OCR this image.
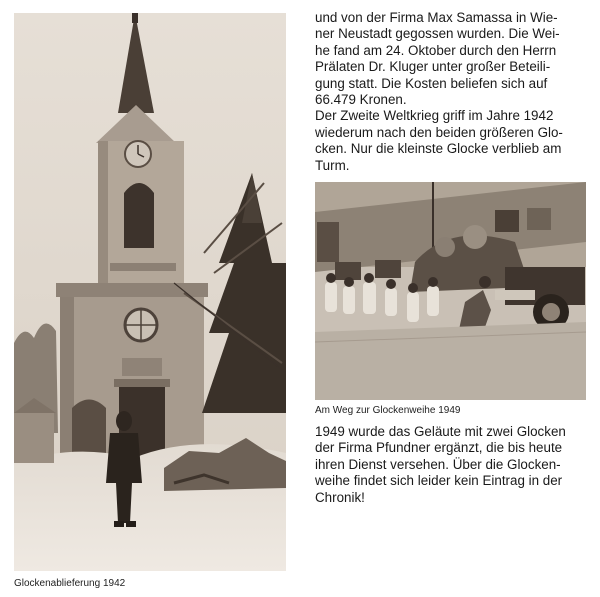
Glockenablieferung 1942
und von der Firma Max Samassa in Wie-
ner Neustadt gegossen wurden. Die Wei-
he fand am 24. Oktober durch den Herrn
Prälaten Dr. Kluger unter großer Beteili-
gung statt. Die Kosten beliefen sich auf
66.479 Kronen.
Der Zweite Weltkrieg griff im Jahre 1942
wiederum nach den beiden größeren Glo-
cken. Nur die kleinste Glocke verblieb am
Turm.
Am Weg zur Glockenweihe 1949
1949 wurde das Geläute mit zwei Glocken
der Firma Pfundner ergänzt, die bis heute
ihren Dienst versehen. Über die Glocken-
weihe findet sich leider kein Eintrag in der
Chronik!
